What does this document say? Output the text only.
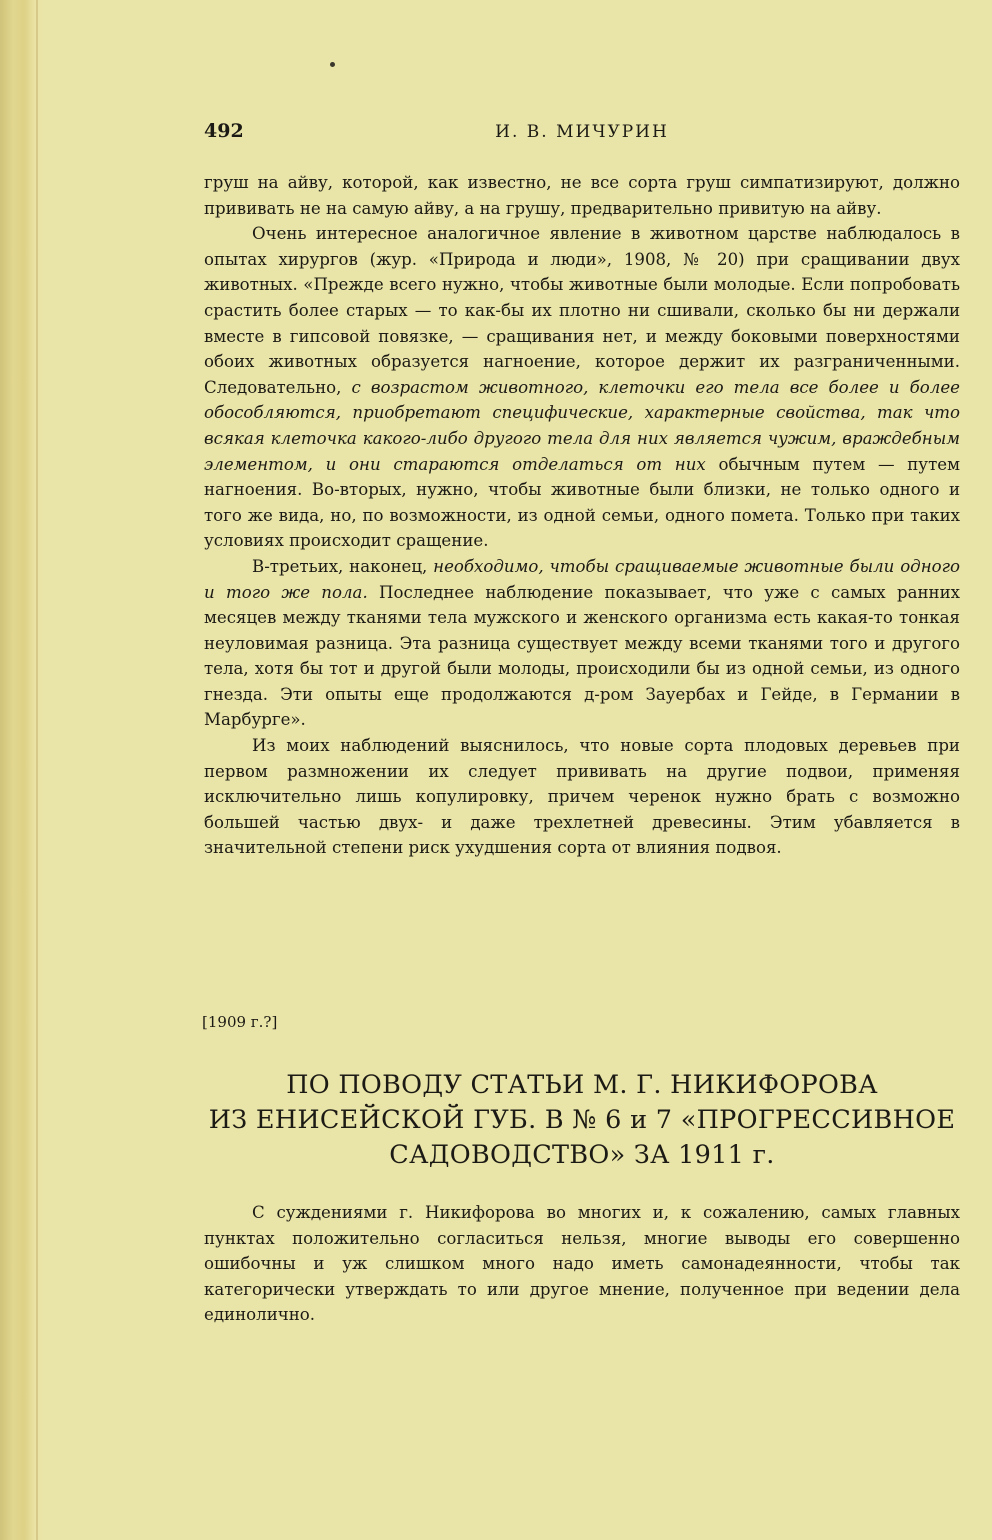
492	И. В. МИЧУРИН

груш на айву, которой, как известно, не все сорта груш симпатизируют, должно прививать не на самую айву, а на грушу, предварительно привитую на айву.

Очень интересное аналогичное явление в животном царстве наблюдалось в опытах хирургов (жур. «Природа и люди», 1908, № 20) при сращивании двух животных. «Прежде всего нужно, чтобы животные были молодые. Если попробовать срастить более старых — то как-бы их плотно ни сшивали, сколько бы ни держали вместе в гипсовой повязке, — сращивания нет, и между боковыми поверхностями обоих животных образуется нагноение, которое держит их разграниченными. Следовательно, с возрастом животного, клеточки его тела все более и более обособляются, приобретают специфические, характерные свойства, так что всякая клеточка какого-либо другого тела для них является чужим, враждебным элементом, и они стараются отделаться от них обычным путем — путем нагноения. Во-вторых, нужно, чтобы животные были близки, не только одного и того же вида, но, по возможности, из одной семьи, одного помета. Только при таких условиях происходит сращение.

В-третьих, наконец, необходимо, чтобы сращиваемые животные были одного и того же пола. Последнее наблюдение показывает, что уже с самых ранних месяцев между тканями тела мужского и женского организма есть какая-то тонкая неуловимая разница. Эта разница существует между всеми тканями того и другого тела, хотя бы тот и другой были молоды, происходили бы из одной семьи, из одного гнезда. Эти опыты еще продолжаются д-ром Зауербах и Гейде, в Германии в Марбурге».

Из моих наблюдений выяснилось, что новые сорта плодовых деревьев при первом размножении их следует прививать на другие подвои, применяя исключительно лишь копулировку, причем черенок нужно брать с возможно большей частью двух- и даже трехлетней древесины. Этим убавляется в значительной степени риск ухудшения сорта от влияния подвоя.

[1909 г.?]
ПО ПОВОДУ СТАТЬИ М. Г. НИКИФОРОВА
ИЗ ЕНИСЕЙСКОЙ ГУБ. В № 6 и 7 «ПРОГРЕССИВНОЕ
САДОВОДСТВО» ЗА 1911 г.

С суждениями г. Никифорова во многих и, к сожалению, самых главных пунктах положительно согласиться нельзя, многие выводы его совершенно ошибочны и уж слишком много надо иметь самонадеянности, чтобы так категорически утверждать то или другое мнение, полученное при ведении дела единолично.
